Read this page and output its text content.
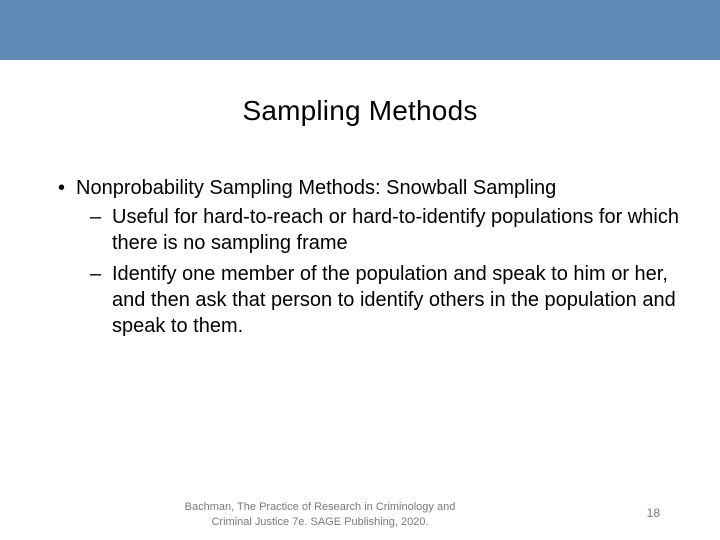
Sampling Methods
• Nonprobability Sampling Methods: Snowball Sampling
– Useful for hard-to-reach or hard-to-identify populations for which there is no sampling frame
– Identify one member of the population and speak to him or her, and then ask that person to identify others in the population and speak to them.
Bachman, The Practice of Research in Criminology and
Criminal Justice 7e. SAGE Publishing, 2020.
18
